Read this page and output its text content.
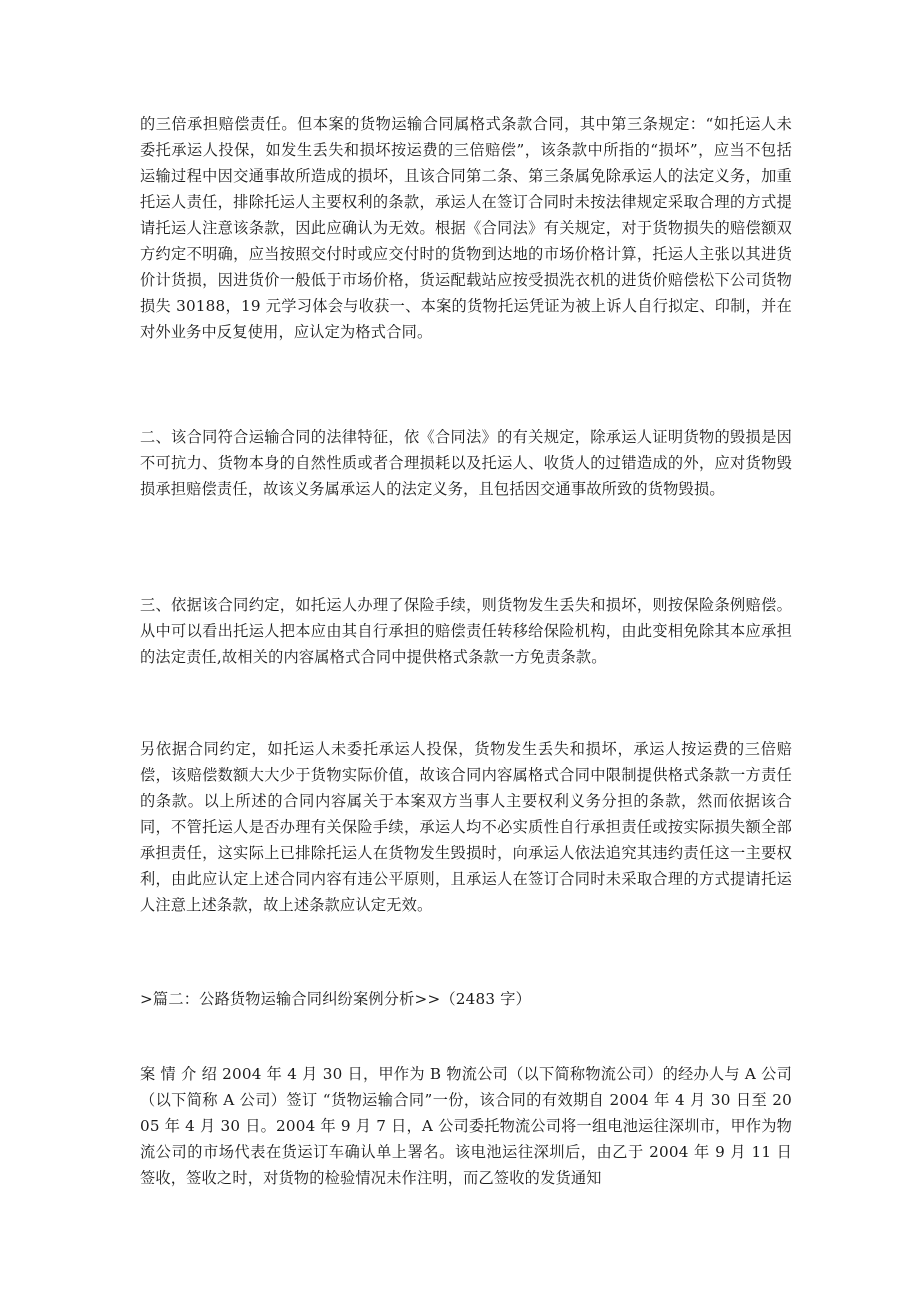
的三倍承担赔偿责任。但本案的货物运输合同属格式条款合同，其中第三条规定：“如托运人未委托承运人投保，如发生丢失和损坏按运费的三倍赔偿”，该条款中所指的“损坏”，应当不包括运输过程中因交通事故所造成的损坏，且该合同第二条、第三条属免除承运人的法定义务，加重托运人责任，排除托运人主要权利的条款，承运人在签订合同时未按法律规定采取合理的方式提请托运人注意该条款，因此应确认为无效。根据《合同法》有关规定，对于货物损失的赔偿额双方约定不明确，应当按照交付时或应交付时的货物到达地的市场价格计算，托运人主张以其进货价计货损，因进货价一般低于市场价格，货运配载站应按受损洗衣机的进货价赔偿松下公司货物损失 30188，19 元学习体会与收获一、本案的货物托运凭证为被上诉人自行拟定、印制，并在对外业务中反复使用，应认定为格式合同。

二、该合同符合运输合同的法律特征，依《合同法》的有关规定，除承运人证明货物的毁损是因不可抗力、货物本身的自然性质或者合理损耗以及托运人、收货人的过错造成的外，应对货物毁损承担赔偿责任，故该义务属承运人的法定义务，且包括因交通事故所致的货物毁损。

三、依据该合同约定，如托运人办理了保险手续，则货物发生丢失和损坏，则按保险条例赔偿。从中可以看出托运人把本应由其自行承担的赔偿责任转移给保险机构，由此变相免除其本应承担的法定责任,故相关的内容属格式合同中提供格式条款一方免责条款。

另依据合同约定，如托运人未委托承运人投保，货物发生丢失和损坏，承运人按运费的三倍赔偿，该赔偿数额大大少于货物实际价值，故该合同内容属格式合同中限制提供格式条款一方责任的条款。以上所述的合同内容属关于本案双方当事人主要权利义务分担的条款，然而依据该合同，不管托运人是否办理有关保险手续，承运人均不必实质性自行承担责任或按实际损失额全部承担责任，这实际上已排除托运人在货物发生毁损时，向承运人依法追究其违约责任这一主要权利，由此应认定上述合同内容有违公平原则，且承运人在签订合同时未采取合理的方式提请托运人注意上述条款，故上述条款应认定无效。

>篇二：公路货物运输合同纠纷案例分析>>（2483 字）

案 情 介 绍 2004 年 4 月 30 日，甲作为 B 物流公司（以下简称物流公司）的经办人与 A 公司（以下简称 A 公司）签订 “货物运输合同”一份，该合同的有效期自 2004 年 4 月 30 日至 2005 年 4 月 30 日。2004 年 9 月 7 日，A 公司委托物流公司将一组电池运往深圳市，甲作为物流公司的市场代表在货运订车确认单上署名。该电池运往深圳后，由乙于 2004 年 9 月 11 日签收，签收之时，对货物的检验情况未作注明，而乙签收的发货通知
